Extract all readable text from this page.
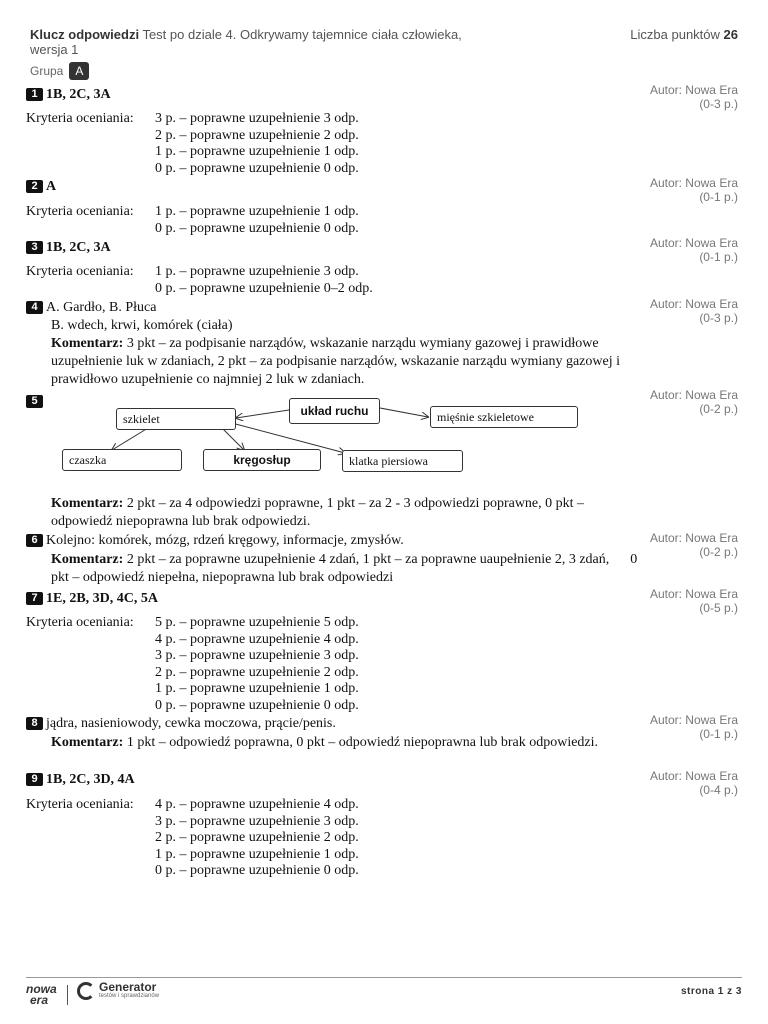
Klucz odpowiedzi Test po dziale 4. Odkrywamy tajemnice ciała człowieka, wersja 1
Liczba punktów 26
Grupa	A
1 1B, 2C, 3A	Autor: Nowa Era
(0-3 p.)
Kryteria oceniania: 3 p. – poprawne uzupełnienie 3 odp.
2 p. – poprawne uzupełnienie 2 odp.
1 p. – poprawne uzupełnienie 1 odp.
0 p. – poprawne uzupełnienie 0 odp.
2 A	Autor: Nowa Era
(0-1 p.)
Kryteria oceniania: 1 p. – poprawne uzupełnienie 1 odp.
0 p. – poprawne uzupełnienie 0 odp.
3 1B, 2C, 3A	Autor: Nowa Era
(0-1 p.)
Kryteria oceniania: 1 p. – poprawne uzupełnienie 3 odp.
0 p. – poprawne uzupełnienie 0–2 odp.
4 A. Gardło, B. Płuca	Autor: Nowa Era
(0-3 p.)
B. wdech, krwi, komórek (ciała)
Komentarz: 3 pkt – za podpisanie narządów, wskazanie narządu wymiany gazowej i prawidłowe uzupełnienie luk w zdaniach, 2 pkt – za podpisanie narządów, wskazanie narządu wymiany gazowej i prawidłowo uzupełnienie co najmniej 2 luk w zdaniach.
5	Autor: Nowa Era
(0-2 p.)
szkielet
układ ruchu	mięśnie szkieletowe
czaszka	kręgosłup	klatka piersiowa
Komentarz: 2 pkt – za 4 odpowiedzi poprawne, 1 pkt – za 2 - 3 odpowiedzi poprawne, 0 pkt – odpowiedź niepoprawna lub brak odpowiedzi.
6 Kolejno: komórek, mózg, rdzeń kręgowy, informacje, zmysłów.	Autor: Nowa Era
(0-2 p.)
Komentarz: 2 pkt – za poprawne uzupełnienie 4 zdań, 1 pkt – za poprawne uaupełnienie 2, 3 zdań,      0 pkt – odpowiedź niepełna, niepoprawna lub brak odpowiedzi
7 1E, 2B, 3D, 4C, 5A	Autor: Nowa Era
(0-5 p.)
Kryteria oceniania: 5 p. – poprawne uzupełnienie 5 odp.
4 p. – poprawne uzupełnienie 4 odp.
3 p. – poprawne uzupełnienie 3 odp.
2 p. – poprawne uzupełnienie 2 odp.
1 p. – poprawne uzupełnienie 1 odp.
0 p. – poprawne uzupełnienie 0 odp.
8 jądra, nasieniowody, cewka moczowa, prącie/penis.	Autor: Nowa Era
(0-1 p.)
Komentarz: 1 pkt – odpowiedź poprawna, 0 pkt – odpowiedź niepoprawna lub brak odpowiedzi.
9 1B, 2C, 3D, 4A	Autor: Nowa Era
(0-4 p.)
Kryteria oceniania: 4 p. – poprawne uzupełnienie 4 odp.
3 p. – poprawne uzupełnienie 3 odp.
2 p. – poprawne uzupełnienie 2 odp.
1 p. – poprawne uzupełnienie 1 odp.
0 p. – poprawne uzupełnienie 0 odp.
nowa
era
Generator
testów i sprawdzianów	strona 1 z 3
